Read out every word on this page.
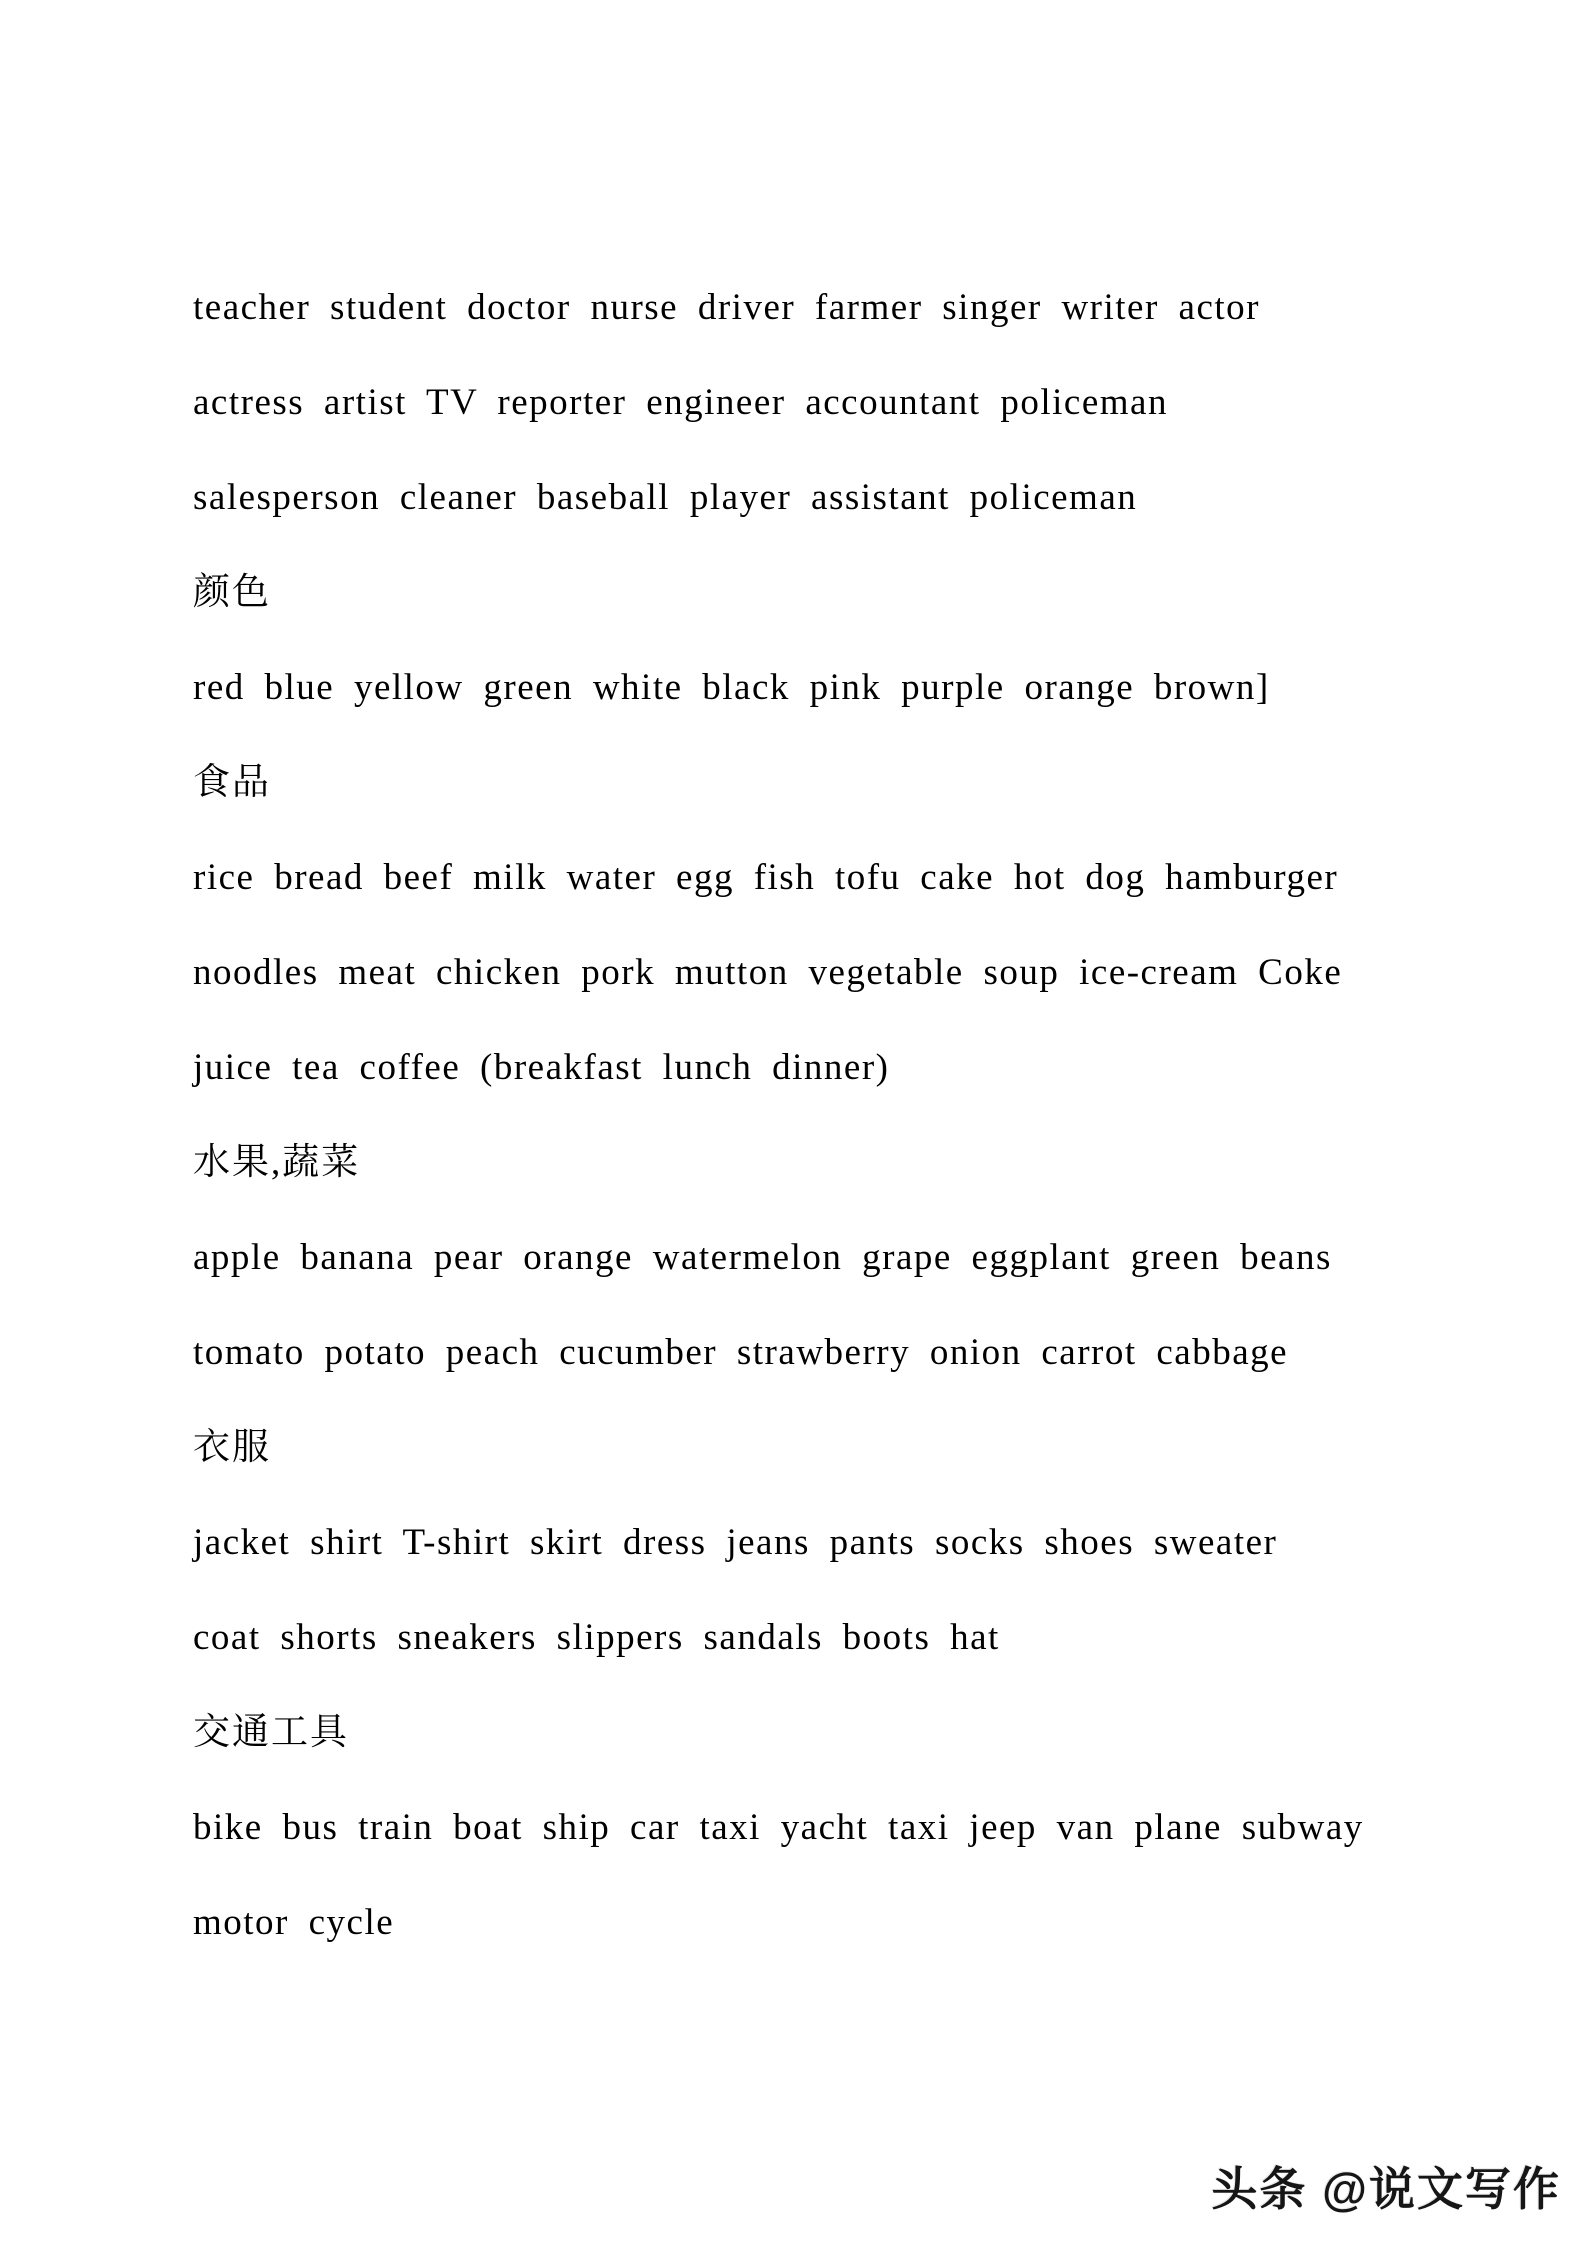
teacher student doctor nurse driver farmer singer writer actor
actress artist TV reporter engineer accountant policeman
salesperson cleaner baseball player assistant policeman
颜色
red blue yellow green white black pink purple orange brown]
食品
rice bread beef milk water egg fish tofu cake hot dog hamburger
noodles meat chicken pork mutton vegetable soup ice-cream Coke
juice tea coffee (breakfast lunch dinner)
水果,蔬菜
apple banana pear orange watermelon grape eggplant green beans
tomato potato peach cucumber strawberry onion carrot cabbage
衣服
jacket shirt T-shirt skirt dress jeans pants socks shoes sweater
coat shorts sneakers slippers sandals boots hat
交通工具
bike bus train boat ship car taxi yacht taxi jeep van plane subway
motor cycle
头条 @说文写作
